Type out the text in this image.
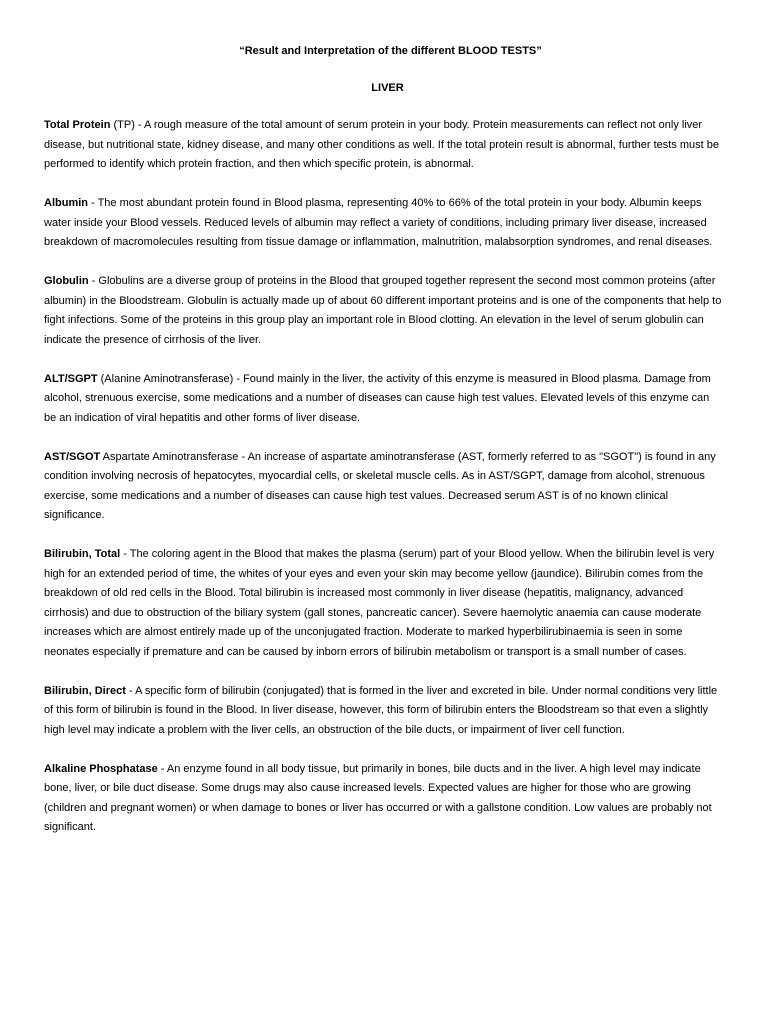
“Result and Interpretation of the different BLOOD TESTS”
LIVER

Total Protein (TP) - A rough measure of the total amount of serum protein in your body. Protein measurements can reflect not only liver disease, but nutritional state, kidney disease, and many other conditions as well. If the total protein result is abnormal, further tests must be performed to identify which protein fraction, and then which specific protein, is abnormal.

Albumin - The most abundant protein found in Blood plasma, representing 40% to 66% of the total protein in your body. Albumin keeps water inside your Blood vessels. Reduced levels of albumin may reflect a variety of conditions, including primary liver disease, increased breakdown of macromolecules resulting from tissue damage or inflammation, malnutrition, malabsorption syndromes, and renal diseases.

Globulin - Globulins are a diverse group of proteins in the Blood that grouped together represent the second most common proteins (after albumin) in the Bloodstream. Globulin is actually made up of about 60 different important proteins and is one of the components that help to fight infections. Some of the proteins in this group play an important role in Blood clotting. An elevation in the level of serum globulin can indicate the presence of cirrhosis of the liver.

ALT/SGPT (Alanine Aminotransferase) - Found mainly in the liver, the activity of this enzyme is measured in Blood plasma. Damage from alcohol, strenuous exercise, some medications and a number of diseases can cause high test values. Elevated levels of this enzyme can be an indication of viral hepatitis and other forms of liver disease.

AST/SGOT Aspartate Aminotransferase - An increase of aspartate aminotransferase (AST, formerly referred to as "SGOT") is found in any condition involving necrosis of hepatocytes, myocardial cells, or skeletal muscle cells. As in AST/SGPT, damage from alcohol, strenuous exercise, some medications and a number of diseases can cause high test values. Decreased serum AST is of no known clinical significance.

Bilirubin, Total - The coloring agent in the Blood that makes the plasma (serum) part of your Blood yellow. When the bilirubin level is very high for an extended period of time, the whites of your eyes and even your skin may become yellow (jaundice). Bilirubin comes from the breakdown of old red cells in the Blood. Total bilirubin is increased most commonly in liver disease (hepatitis, malignancy, advanced cirrhosis) and due to obstruction of the biliary system (gall stones, pancreatic cancer). Severe haemolytic anaemia can cause moderate increases which are almost entirely made up of the unconjugated fraction. Moderate to marked hyperbilirubinaemia is seen in some neonates especially if premature and can be caused by inborn errors of bilirubin metabolism or transport is a small number of cases.

Bilirubin, Direct - A specific form of bilirubin (conjugated) that is formed in the liver and excreted in bile. Under normal conditions very little of this form of bilirubin is found in the Blood. In liver disease, however, this form of bilirubin enters the Bloodstream so that even a slightly high level may indicate a problem with the liver cells, an obstruction of the bile ducts, or impairment of liver cell function.

Alkaline Phosphatase - An enzyme found in all body tissue, but primarily in bones, bile ducts and in the liver. A high level may indicate bone, liver, or bile duct disease. Some drugs may also cause increased levels. Expected values are higher for those who are growing (children and pregnant women) or when damage to bones or liver has occurred or with a gallstone condition. Low values are probably not significant.
